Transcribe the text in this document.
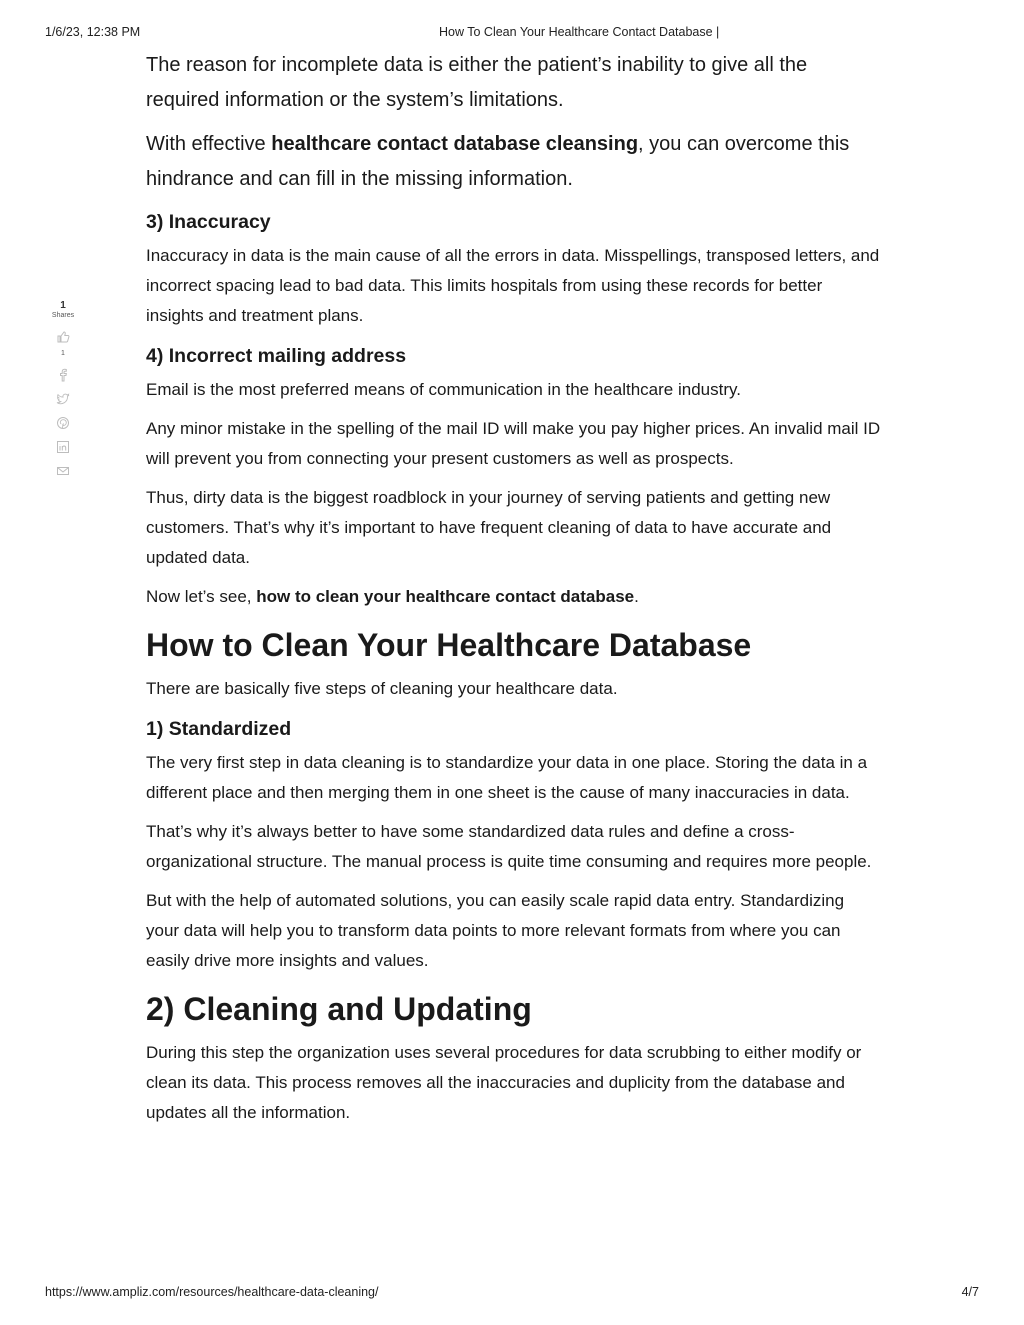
1/6/23, 12:38 PM	How To Clean Your Healthcare Contact Database |
1
Shares
1

The reason for incomplete data is either the patient’s inability to give all the required information or the system’s limitations.

With effective healthcare contact database cleansing, you can overcome this hindrance and can fill in the missing information.

3) Inaccuracy

Inaccuracy in data is the main cause of all the errors in data. Misspellings, transposed letters, and incorrect spacing lead to bad data. This limits hospitals from using these records for better insights and treatment plans.

4) Incorrect mailing address

Email is the most preferred means of communication in the healthcare industry.

Any minor mistake in the spelling of the mail ID will make you pay higher prices. An invalid mail ID will prevent you from connecting your present customers as well as prospects.

Thus, dirty data is the biggest roadblock in your journey of serving patients and getting new customers. That’s why it’s important to have frequent cleaning of data to have accurate and updated data.

Now let’s see, how to clean your healthcare contact database.

How to Clean Your Healthcare Database

There are basically five steps of cleaning your healthcare data.

1) Standardized

The very first step in data cleaning is to standardize your data in one place. Storing the data in a different place and then merging them in one sheet is the cause of many inaccuracies in data.

That’s why it’s always better to have some standardized data rules and define a cross-organizational structure. The manual process is quite time consuming and requires more people.

But with the help of automated solutions, you can easily scale rapid data entry. Standardizing your data will help you to transform data points to more relevant formats from where you can easily drive more insights and values.

2) Cleaning and Updating

During this step the organization uses several procedures for data scrubbing to either modify or clean its data. This process removes all the inaccuracies and duplicity from the database and updates all the information.

https://www.ampliz.com/resources/healthcare-data-cleaning/	4/7
